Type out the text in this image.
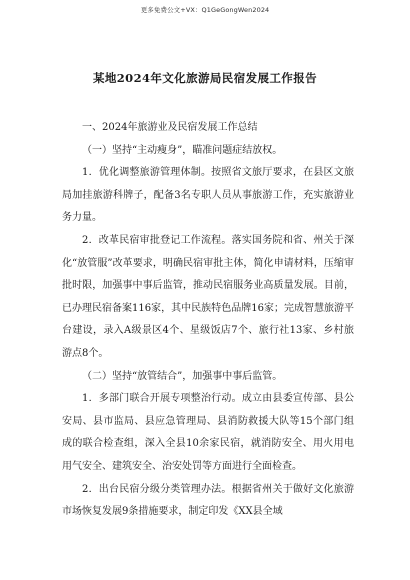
更多免费公文+VX：Q1GeGongWen2024
某地2024年文化旅游局民宿发展工作报告

一、2024年旅游业及民宿发展工作总结

（一）坚持“主动瘦身”，瞄准问题症结放权。

1．优化调整旅游管理体制。按照省文旅厅要求，在县区文旅局加挂旅游科牌子，配备3名专职人员从事旅游工作，充实旅游业务力量。

2．改革民宿审批登记工作流程。落实国务院和省、州关于深化“放管服”改革要求，明确民宿审批主体，简化申请材料，压缩审批时限，加强事中事后监管，推动民宿服务业高质量发展。目前，已办理民宿备案116家，其中民族特色品牌16家；完成智慧旅游平台建设，录入A级景区4个、星级饭店7个、旅行社13家、乡村旅游点8个。

（二）坚持“放管结合”，加强事中事后监管。

1．多部门联合开展专项整治行动。成立由县委宣传部、县公安局、县市监局、县应急管理局、县消防救援大队等15个部门组成的联合检查组，深入全县10余家民宿，就消防安全、用火用电用气安全、建筑安全、治安处罚等方面进行全面检查。

2．出台民宿分级分类管理办法。根据省州关于做好文化旅游市场恢复发展9条措施要求，制定印发《XX县全域
